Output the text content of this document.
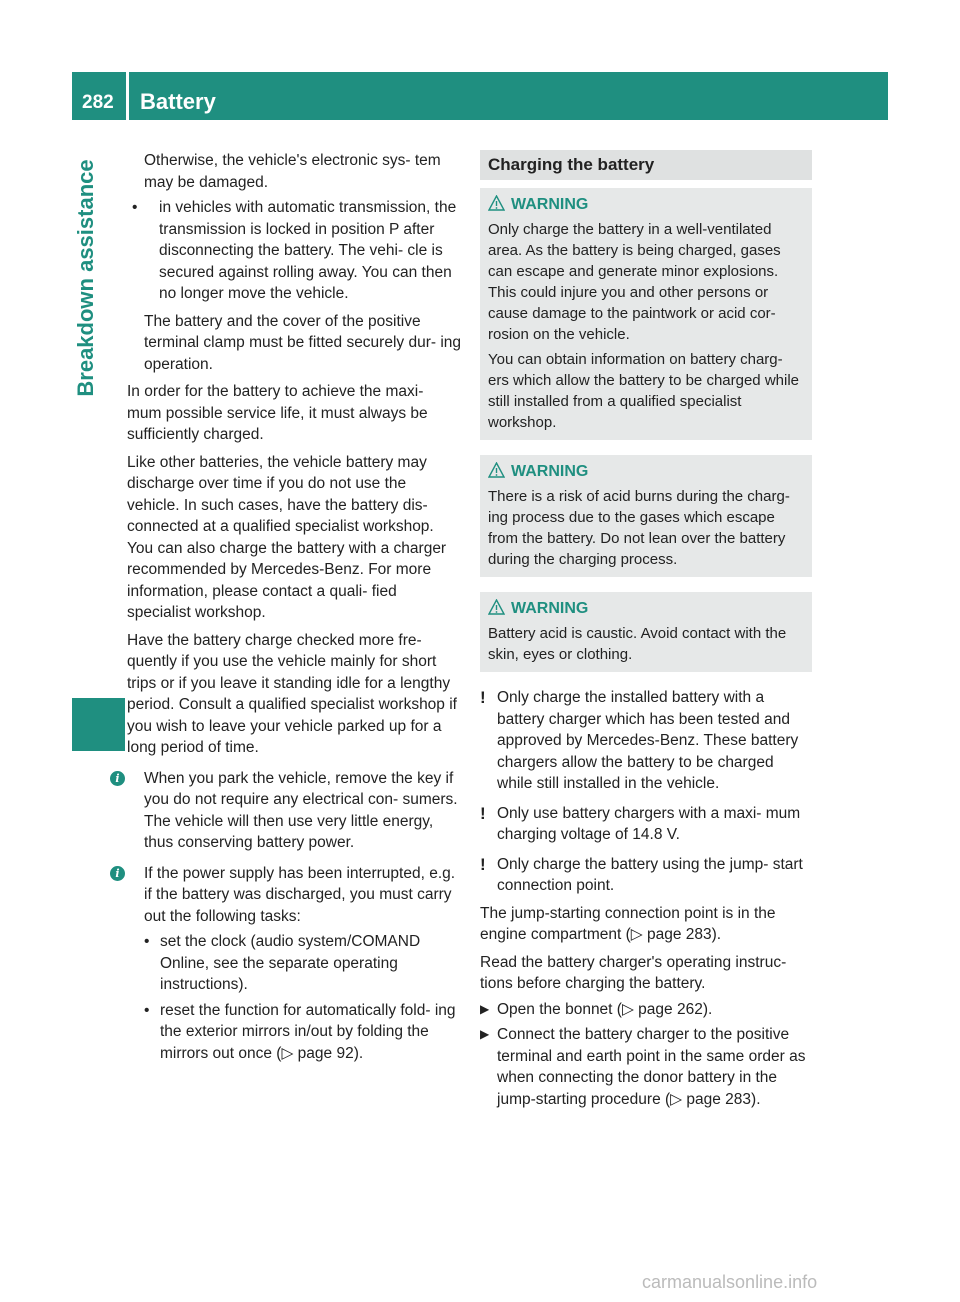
282 Battery
Breakdown assistance	Otherwise, the vehicle's electronic sys- tem may be damaged.

• in vehicles with automatic transmission, the transmission is locked in position P after disconnecting the battery. The vehi- cle is secured against rolling away. You can then no longer move the vehicle.

The battery and the cover of the positive terminal clamp must be fitted securely dur- ing operation.

In order for the battery to achieve the maxi- mum possible service life, it must always be sufficiently charged.

Like other batteries, the vehicle battery may discharge over time if you do not use the vehicle. In such cases, have the battery dis- connected at a qualified specialist workshop. You can also charge the battery with a charger recommended by Mercedes-Benz. For more information, please contact a quali- fied specialist workshop.

Have the battery charge checked more fre- quently if you use the vehicle mainly for short trips or if you leave it standing idle for a lengthy period. Consult a qualified specialist workshop if you wish to leave your vehicle parked up for a long period of time.

i	When you park the vehicle, remove the key if you do not require any electrical con- sumers. The vehicle will then use very little energy, thus conserving battery power.

i	If the power supply has been interrupted, e.g. if the battery was discharged, you must carry out the following tasks:

• set the clock (audio system/COMAND Online, see the separate operating instructions).

• reset the function for automatically fold- ing the exterior mirrors in/out by folding the mirrors out once (▷ page 92).

Charging the battery

WARNING

Only charge the battery in a well-ventilated area. As the battery is being charged, gases can escape and generate minor explosions. This could injure you and other persons or cause damage to the paintwork or acid cor- rosion on the vehicle.

You can obtain information on battery charg- ers which allow the battery to be charged while still installed from a qualified specialist workshop.

WARNING

There is a risk of acid burns during the charg- ing process due to the gases which escape from the battery. Do not lean over the battery during the charging process.

WARNING

Battery acid is caustic. Avoid contact with the skin, eyes or clothing.

! Only charge the installed battery with a battery charger which has been tested and approved by Mercedes-Benz. These battery chargers allow the battery to be charged while still installed in the vehicle.

! Only use battery chargers with a maxi- mum charging voltage of 14.8 V.

! Only charge the battery using the jump- start connection point.

The jump-starting connection point is in the engine compartment (▷ page 283).

Read the battery charger's operating instruc- tions before charging the battery.

▶ Open the bonnet (▷ page 262).

▶ Connect the battery charger to the positive terminal and earth point in the same order as when connecting the donor battery in the jump-starting procedure (▷ page 283).

carmanualsonline.info
